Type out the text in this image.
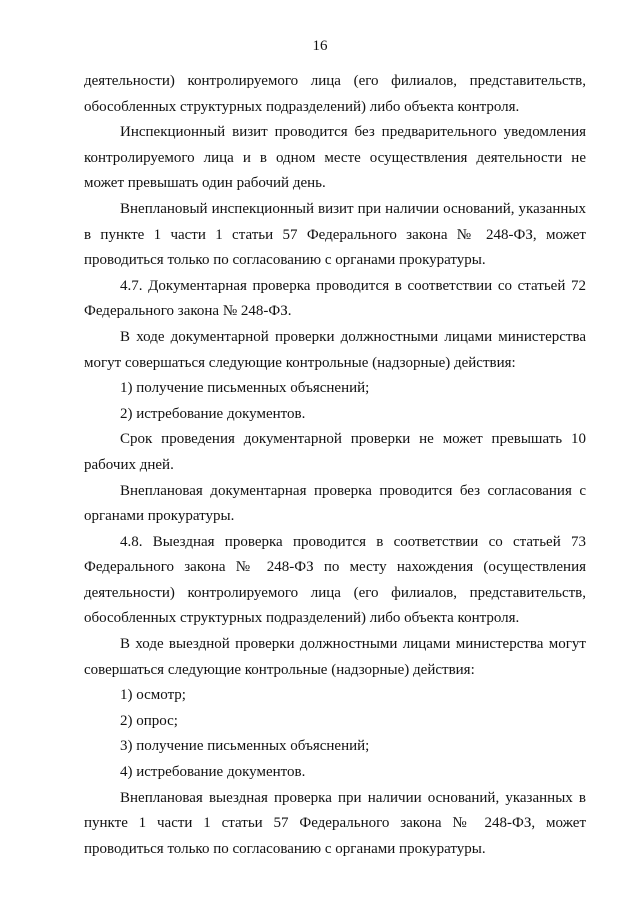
16

деятельности) контролируемого лица (его филиалов, представительств, обособленных структурных подразделений) либо объекта контроля.

Инспекционный визит проводится без предварительного уведомления контролируемого лица и в одном месте осуществления деятельности не может превышать один рабочий день.

Внеплановый инспекционный визит при наличии оснований, указанных в пункте 1 части 1 статьи 57 Федерального закона № 248-ФЗ, может проводиться только по согласованию с органами прокуратуры.

4.7. Документарная проверка проводится в соответствии со статьей 72 Федерального закона № 248-ФЗ.

В ходе документарной проверки должностными лицами министерства могут совершаться следующие контрольные (надзорные) действия:

1) получение письменных объяснений;

2) истребование документов.

Срок проведения документарной проверки не может превышать 10 рабочих дней.

Внеплановая документарная проверка проводится без согласования с органами прокуратуры.

4.8. Выездная проверка проводится в соответствии со статьей 73 Федерального закона № 248-ФЗ по месту нахождения (осуществления деятельности) контролируемого лица (его филиалов, представительств, обособленных структурных подразделений) либо объекта контроля.

В ходе выездной проверки должностными лицами министерства могут совершаться следующие контрольные (надзорные) действия:

1) осмотр;

2) опрос;

3) получение письменных объяснений;

4) истребование документов.

Внеплановая выездная проверка при наличии оснований, указанных в пункте 1 части 1 статьи 57 Федерального закона № 248-ФЗ, может проводиться только по согласованию с органами прокуратуры.
